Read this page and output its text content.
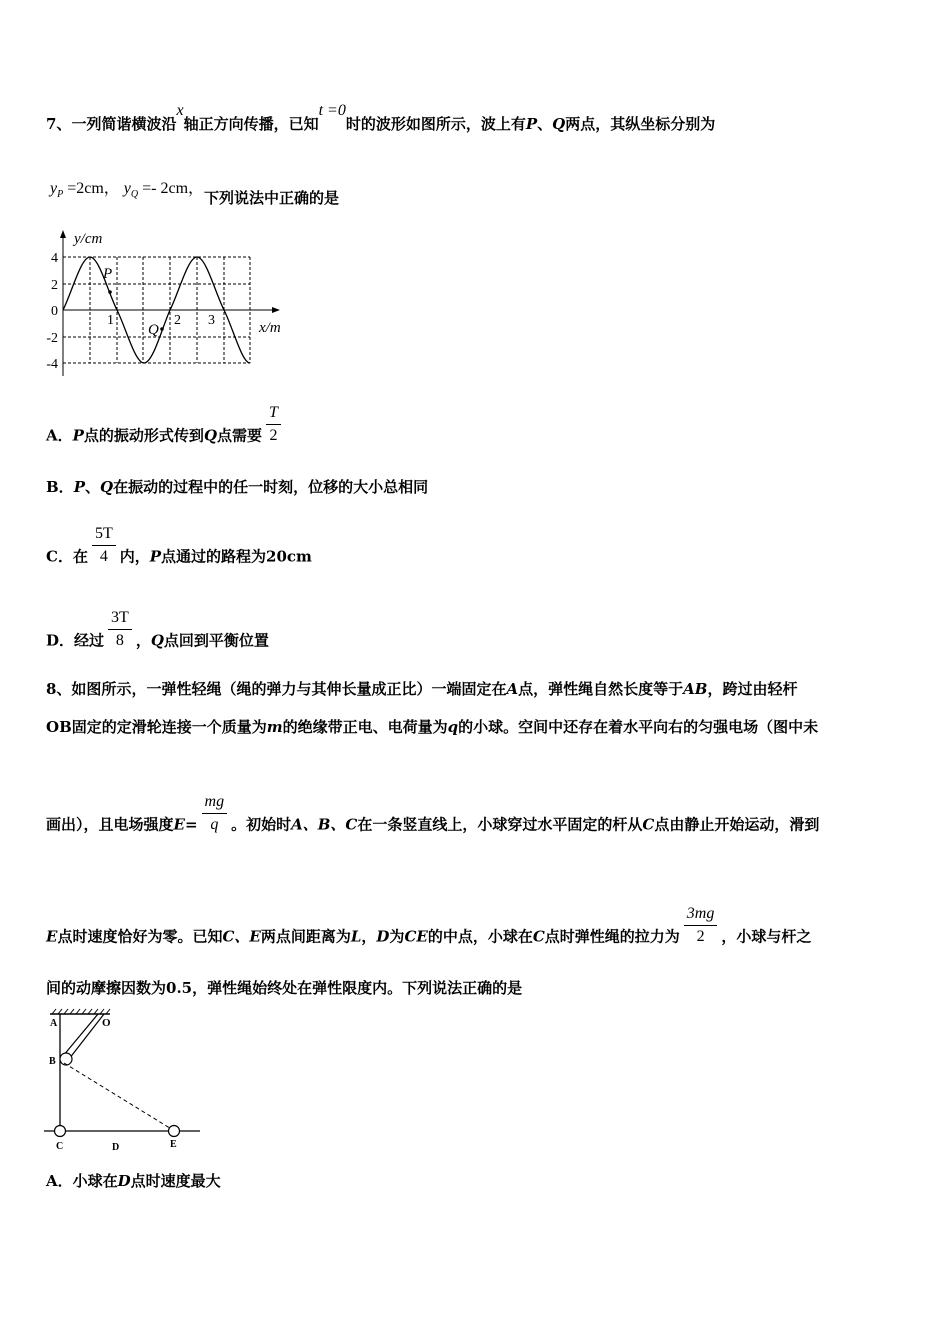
7、一列简谐横波沿x轴正方向传播，已知t =0时的波形如图所示，波上有P、Q两点，其纵坐标分别为
$y_P =2cm$， $y_Q =- 2cm$，下列说法中正确的是
y/cm
x/m
4
2
0
-2
-4
1	2 3
P
Q
A．P点的振动形式传到Q点需要 $\frac{T}{2}$
B．P、Q在振动的过程中的任一时刻，位移的大小总相同
C．在 $\frac{5T}{4}$ 内，P点通过的路程为20cm
D．经过 $\frac{3T}{8}$ ，Q点回到平衡位置
8、如图所示，一弹性轻绳（绳的弹力与其伸长量成正比）一端固定在A点，弹性绳自然长度等于AB，跨过由轻杆
OB固定的定滑轮连接一个质量为m的绝缘带正电、电荷量为q的小球。空间中还存在着水平向右的匀强电场（图中未
画出），且电场强度$E= \frac{mg}{q}$ 。初始时A、B、C在一条竖直线上，小球穿过水平固定的杆从C点由静止开始运动，滑到
E点时速度恰好为零。已知C、E两点间距离为L，D为CE的中点，小球在C点时弹性绳的拉力为 $\frac{3mg}{2}$ ，小球与杆之
间的动摩擦因数为0.5，弹性绳始终处在弹性限度内。下列说法正确的是
A	O
B
C	D	E
A．小球在D点时速度最大
